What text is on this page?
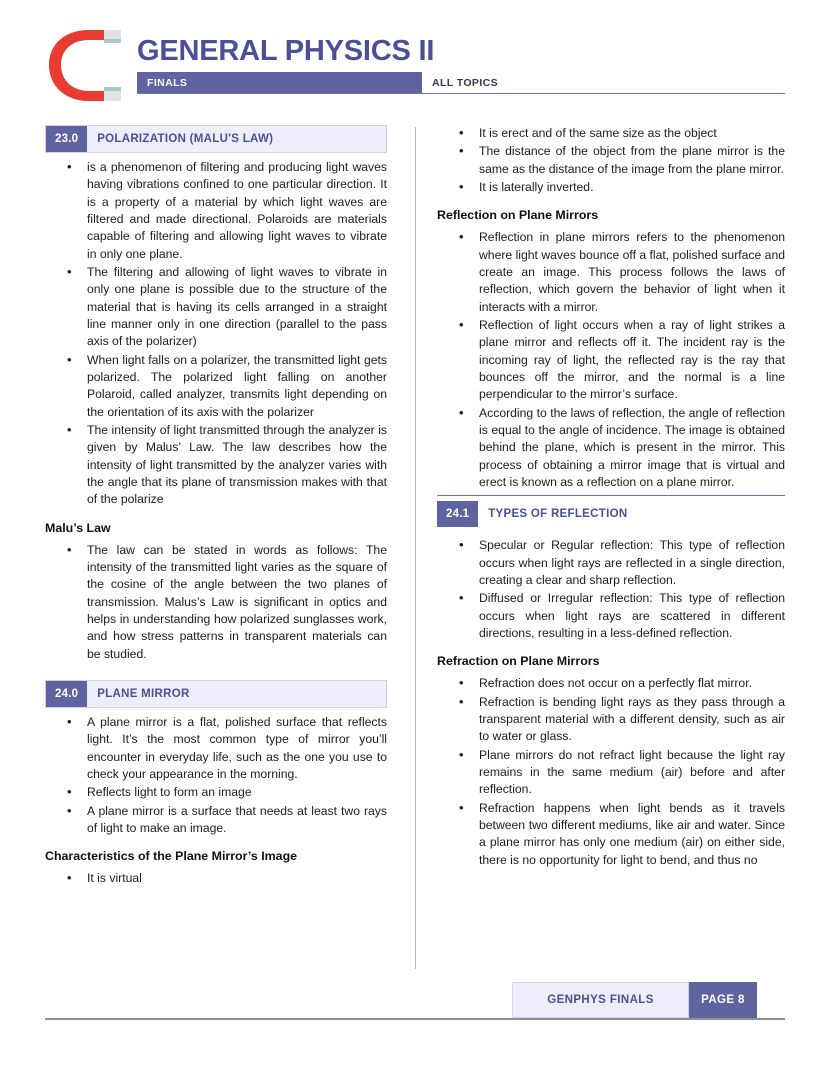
GENERAL PHYSICS II
FINALS	ALL TOPICS
23.0	POLARIZATION (MALU'S LAW)
• is a phenomenon of filtering and producing light waves having vibrations confined to one particular direction. It is a property of a material by which light waves are filtered and made directional. Polaroids are materials capable of filtering and allowing light waves to vibrate in only one plane.
• The filtering and allowing of light waves to vibrate in only one plane is possible due to the structure of the material that is having its cells arranged in a straight line manner only in one direction (parallel to the pass axis of the polarizer)
• When light falls on a polarizer, the transmitted light gets polarized. The polarized light falling on another Polaroid, called analyzer, transmits light depending on the orientation of its axis with the polarizer
• The intensity of light transmitted through the analyzer is given by Malus’ Law. The law describes how the intensity of light transmitted by the analyzer varies with the angle that its plane of transmission makes with that of the polarize
Malu’s Law
• The law can be stated in words as follows: The intensity of the transmitted light varies as the square of the cosine of the angle between the two planes of transmission. Malus’s Law is significant in optics and helps in understanding how polarized sunglasses work, and how stress patterns in transparent materials can be studied.
24.0	PLANE MIRROR
• A plane mirror is a flat, polished surface that reflects light. It’s the most common type of mirror you’ll encounter in everyday life, such as the one you use to check your appearance in the morning.
• Reflects light to form an image
• A plane mirror is a surface that needs at least two rays of light to make an image.
Characteristics of the Plane Mirror’s Image
• It is virtual
• It is erect and of the same size as the object
• The distance of the object from the plane mirror is the same as the distance of the image from the plane mirror.
• It is laterally inverted.
Reflection on Plane Mirrors
• Reflection in plane mirrors refers to the phenomenon where light waves bounce off a flat, polished surface and create an image. This process follows the laws of reflection, which govern the behavior of light when it interacts with a mirror.
• Reflection of light occurs when a ray of light strikes a plane mirror and reflects off it. The incident ray is the incoming ray of light, the reflected ray is the ray that bounces off the mirror, and the normal is a line perpendicular to the mirror’s surface.
• According to the laws of reflection, the angle of reflection is equal to the angle of incidence. The image is obtained behind the plane, which is present in the mirror. This process of obtaining a mirror image that is virtual and erect is known as a reflection on a plane mirror.
24.1	TYPES OF REFLECTION
• Specular or Regular reflection: This type of reflection occurs when light rays are reflected in a single direction, creating a clear and sharp reflection.
• Diffused or Irregular reflection: This type of reflection occurs when light rays are scattered in different directions, resulting in a less-defined reflection.
Refraction on Plane Mirrors
• Refraction does not occur on a perfectly flat mirror.
• Refraction is bending light rays as they pass through a transparent material with a different density, such as air to water or glass.
• Plane mirrors do not refract light because the light ray remains in the same medium (air) before and after reflection.
• Refraction happens when light bends as it travels between two different mediums, like air and water. Since a plane mirror has only one medium (air) on either side, there is no opportunity for light to bend, and thus no
GENPHYS FINALS	PAGE 8
